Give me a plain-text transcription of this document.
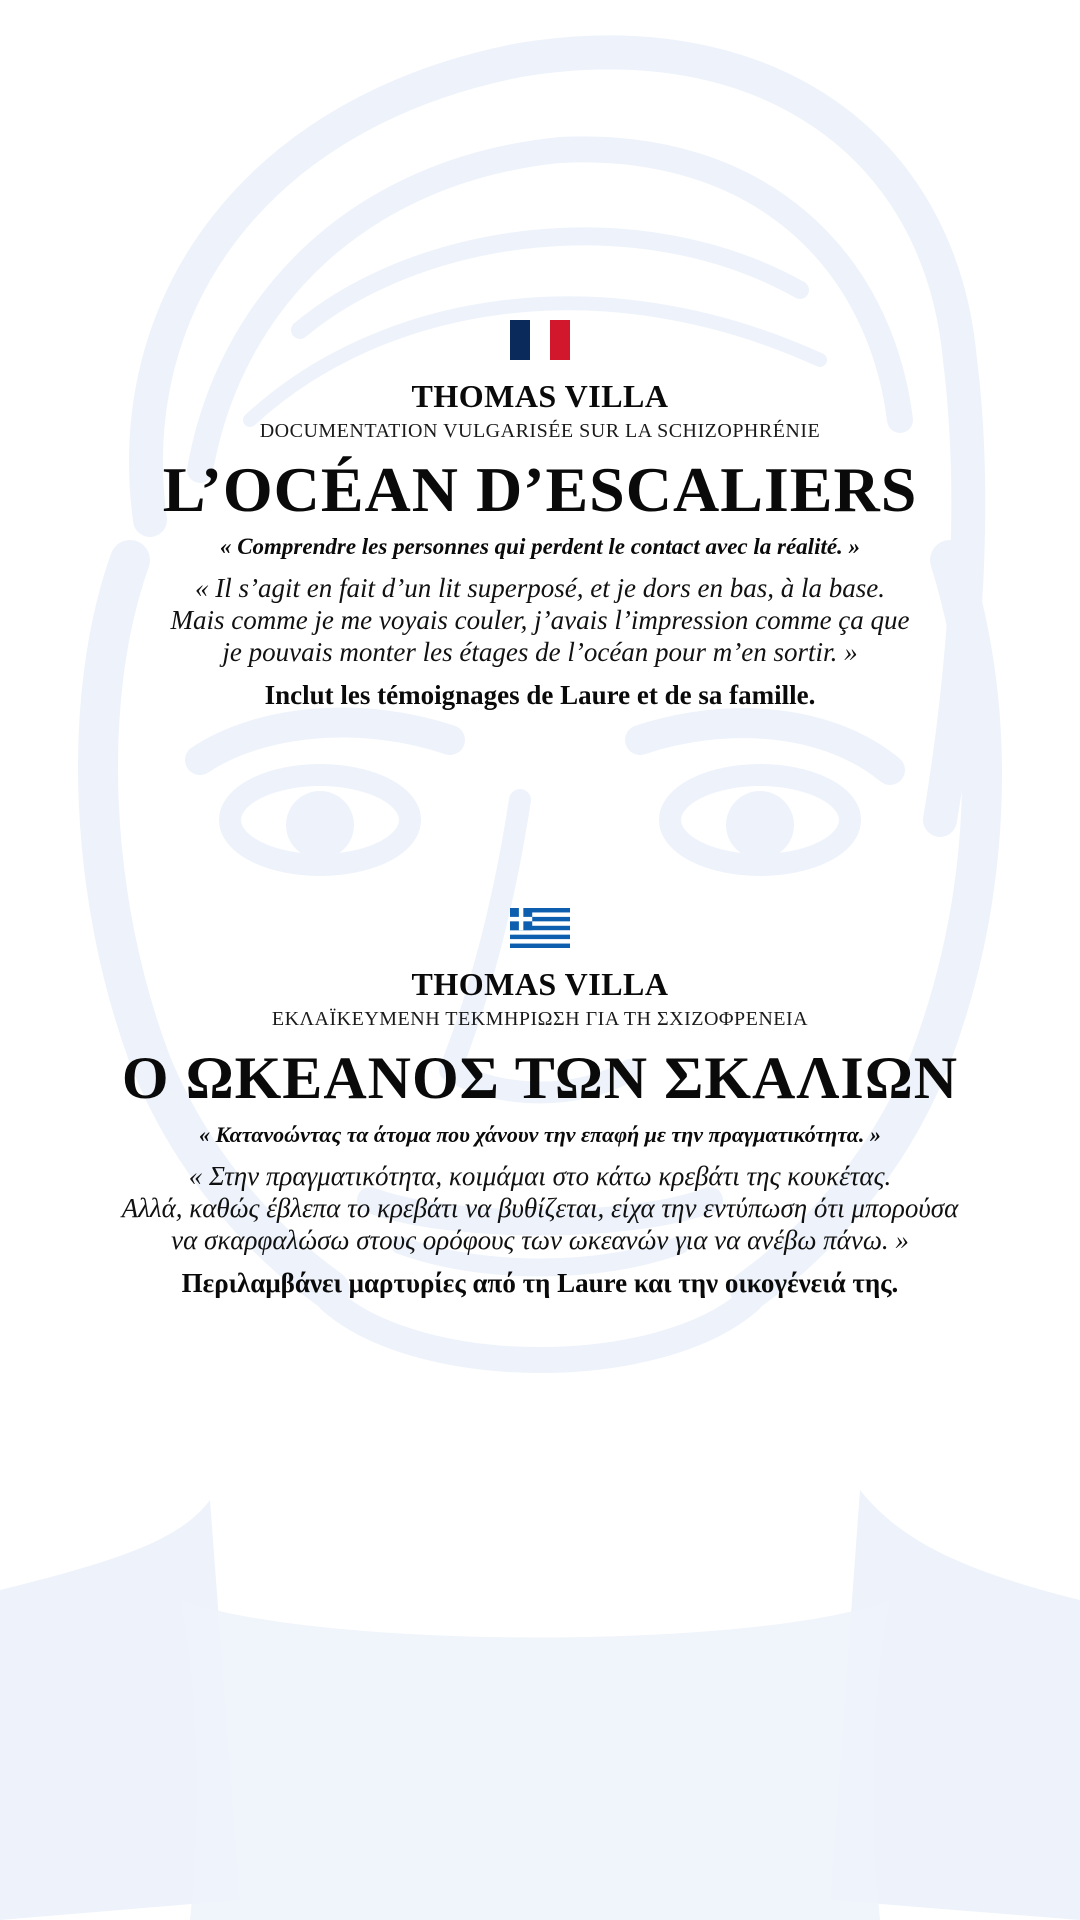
THOMAS VILLA
DOCUMENTATION VULGARISÉE SUR LA SCHIZOPHRÉNIE
L’OCÉAN D’ESCALIERS
« Comprendre les personnes qui perdent le contact avec la réalité. »
« Il s’agit en fait d’un lit superposé, et je dors en bas, à la base.
Mais comme je me voyais couler, j’avais l’impression comme ça que
je pouvais monter les étages de l’océan pour m’en sortir. »
Inclut les témoignages de Laure et de sa famille.
THOMAS VILLA
ΕΚΛΑΪΚΕΥΜΕΝΗ ΤΕΚΜΗΡΙΩΣΗ ΓΙΑ ΤΗ ΣΧΙΖΟΦΡΕΝΕΙΑ
Ο ΩΚΕΑΝΟΣ ΤΩΝ ΣΚΑΛΙΩΝ
« Κατανοώντας τα άτομα που χάνουν την επαφή με την πραγματικότητα. »
« Στην πραγματικότητα, κοιμάμαι στο κάτω κρεβάτι της κουκέτας.
Αλλά, καθώς έβλεπα το κρεβάτι να βυθίζεται, είχα την εντύπωση ότι μπορούσα
να σκαρφαλώσω στους ορόφους των ωκεανών για να ανέβω πάνω. »
Περιλαμβάνει μαρτυρίες από τη Laure και την οικογένειά της.
